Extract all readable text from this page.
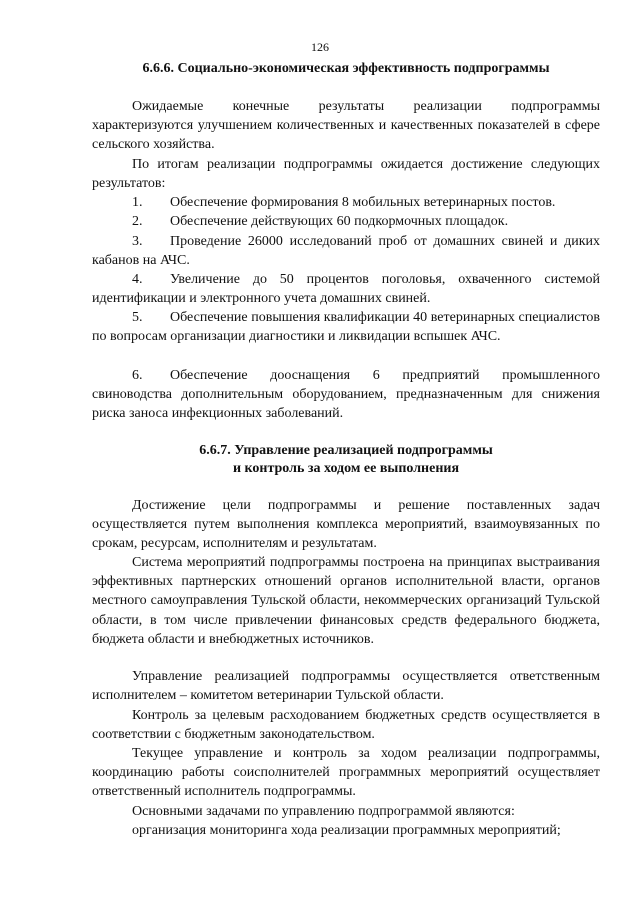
126
6.6.6. Социально-экономическая эффективность подпрограммы
Ожидаемые конечные результаты реализации подпрограммы характеризуются улучшением количественных и качественных показателей в сфере сельского хозяйства.
По итогам реализации подпрограммы ожидается достижение следующих результатов:
1. Обеспечение формирования 8 мобильных ветеринарных постов.
2. Обеспечение действующих 60 подкормочных площадок.
3. Проведение 26000 исследований проб от домашних свиней и диких кабанов на АЧС.
4. Увеличение до 50 процентов поголовья, охваченного системой идентификации и электронного учета домашних свиней.
5. Обеспечение повышения квалификации 40 ветеринарных специалистов по вопросам организации диагностики и ликвидации вспышек АЧС.
6. Обеспечение дооснащения 6 предприятий промышленного свиноводства дополнительным оборудованием, предназначенным для снижения риска заноса инфекционных заболеваний.
6.6.7. Управление реализацией подпрограммы
и контроль за ходом ее выполнения
Достижение цели подпрограммы и решение поставленных задач осуществляется путем выполнения комплекса мероприятий, взаимоувязанных по срокам, ресурсам, исполнителям и результатам.
Система мероприятий подпрограммы построена на принципах выстраивания эффективных партнерских отношений органов исполнительной власти, органов местного самоуправления Тульской области, некоммерческих организаций Тульской области, в том числе привлечении финансовых средств федерального бюджета, бюджета области и внебюджетных источников.
Управление реализацией подпрограммы осуществляется ответственным исполнителем – комитетом ветеринарии Тульской области.
Контроль за целевым расходованием бюджетных средств осуществляется в соответствии с бюджетным законодательством.
Текущее управление и контроль за ходом реализации подпрограммы, координацию работы соисполнителей программных мероприятий осуществляет ответственный исполнитель подпрограммы.
Основными задачами по управлению подпрограммой являются:
организация мониторинга хода реализации программных мероприятий;
